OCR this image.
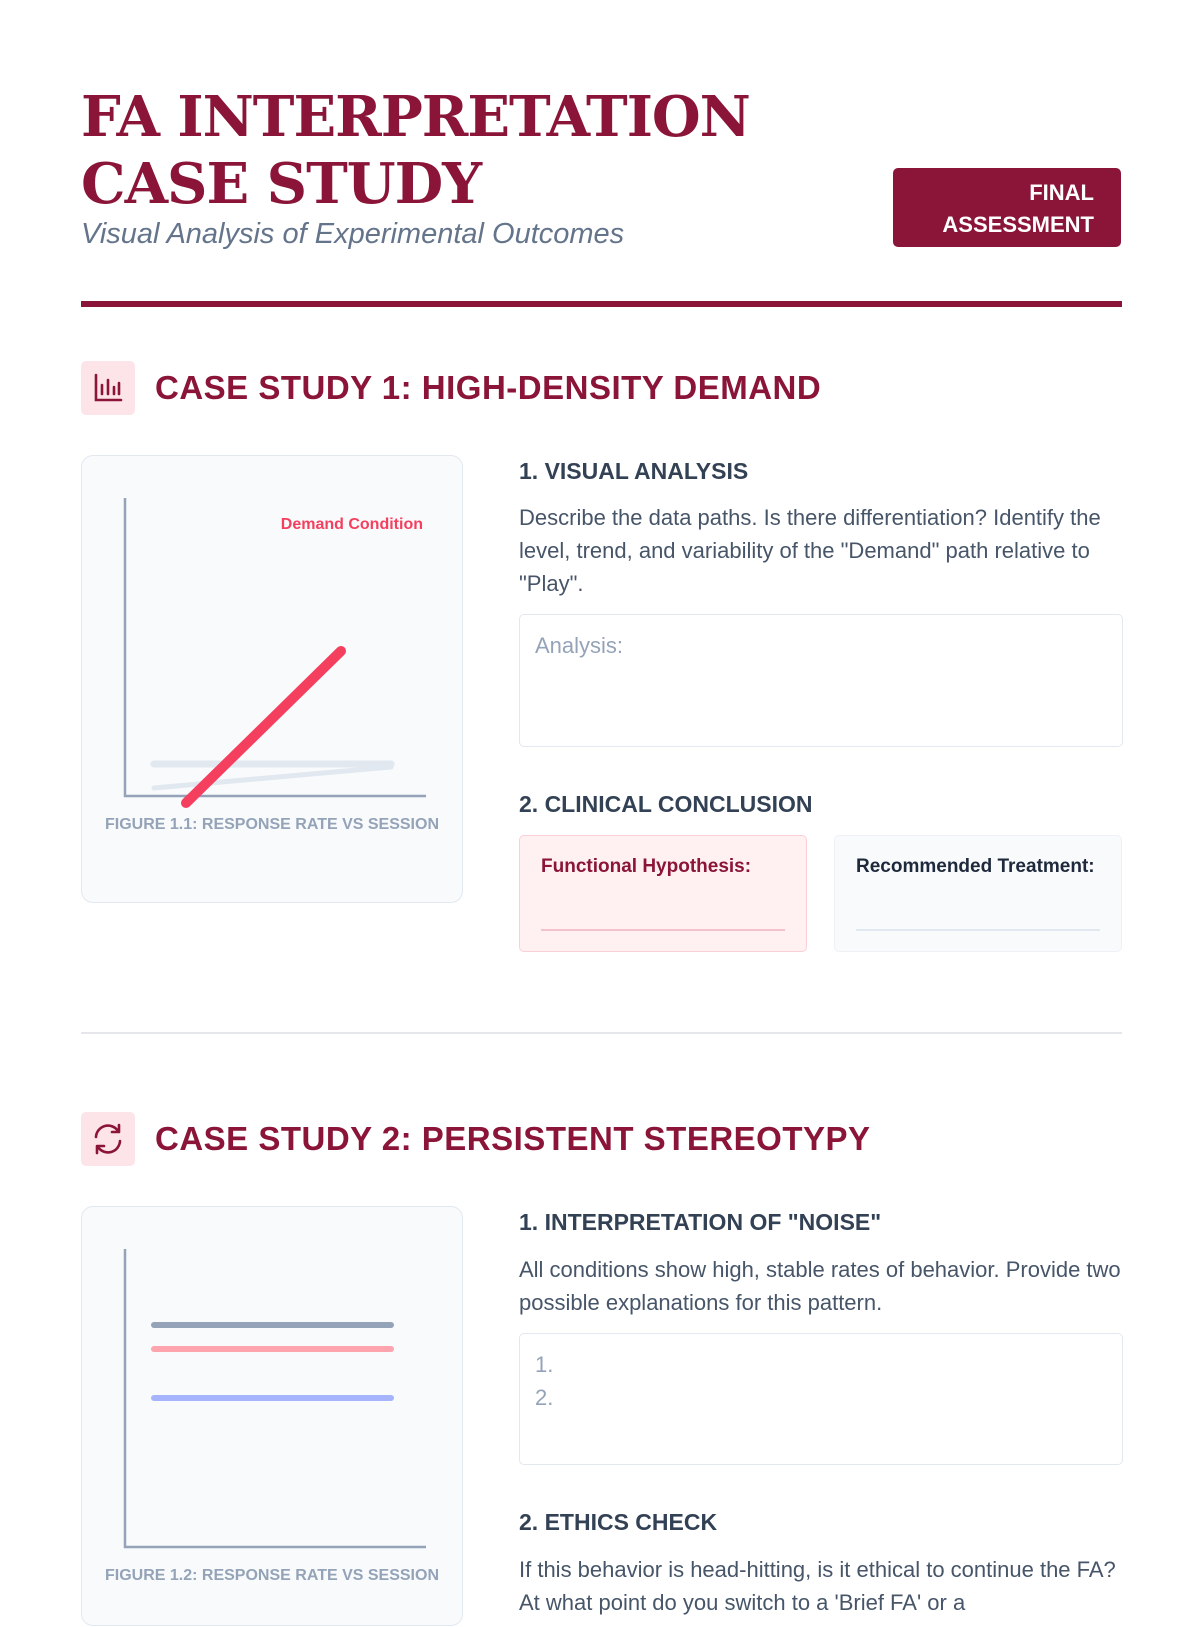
FA INTERPRETATION CASE STUDY
Visual Analysis of Experimental Outcomes
FINAL ASSESSMENT
CASE STUDY 1: HIGH-DENSITY DEMAND
Demand Condition
FIGURE 1.1: RESPONSE RATE VS SESSION
1. VISUAL ANALYSIS
Describe the data paths. Is there differentiation? Identify the level, trend, and variability of the "Demand" path relative to "Play".
Analysis:
2. CLINICAL CONCLUSION
Functional Hypothesis:	Recommended Treatment:
CASE STUDY 2: PERSISTENT STEREOTYPY
FIGURE 1.2: RESPONSE RATE VS SESSION
1. INTERPRETATION OF "NOISE"
All conditions show high, stable rates of behavior. Provide two possible explanations for this pattern.
1.
2.
2. ETHICS CHECK
If this behavior is head-hitting, is it ethical to continue the FA? At what point do you switch to a 'Brief FA' or a
